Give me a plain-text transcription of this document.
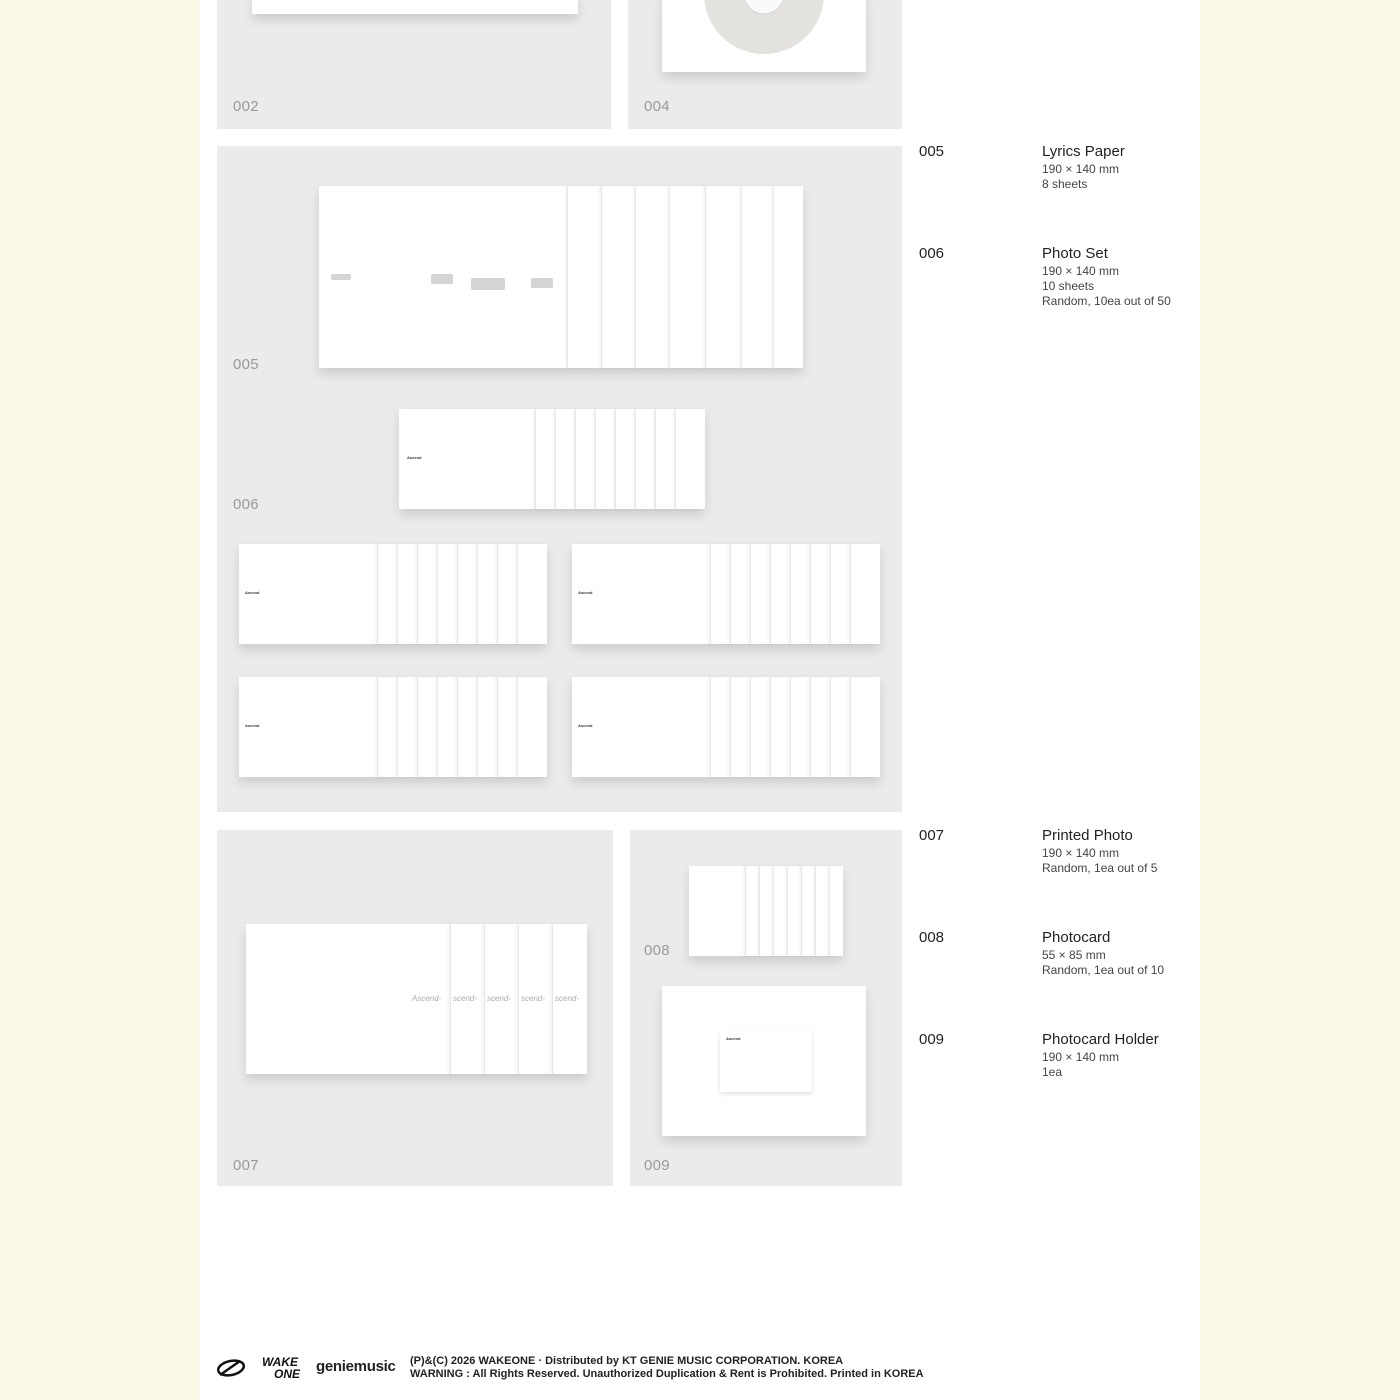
002	004
005
Ascend
006
Ascend	Ascend
Ascend	Ascend
Ascend- scend- scend- scend- scend-
007
008
Ascend
009
005	Lyrics Paper
190 × 140 mm
8 sheets
006	Photo Set
190 × 140 mm
10 sheets
Random, 10ea out of 50
007	Printed Photo
190 × 140 mm
Random, 1ea out of 5
008	Photocard
55 × 85 mm
Random, 1ea out of 10
009	Photocard Holder
190 × 140 mm
1ea
WAKE
ONE geniemusic (P)&(C) 2026 WAKEONE · Distributed by KT GENIE MUSIC CORPORATION. KOREA
WARNING : All Rights Reserved. Unauthorized Duplication & Rent is Prohibited. Printed in KOREA
